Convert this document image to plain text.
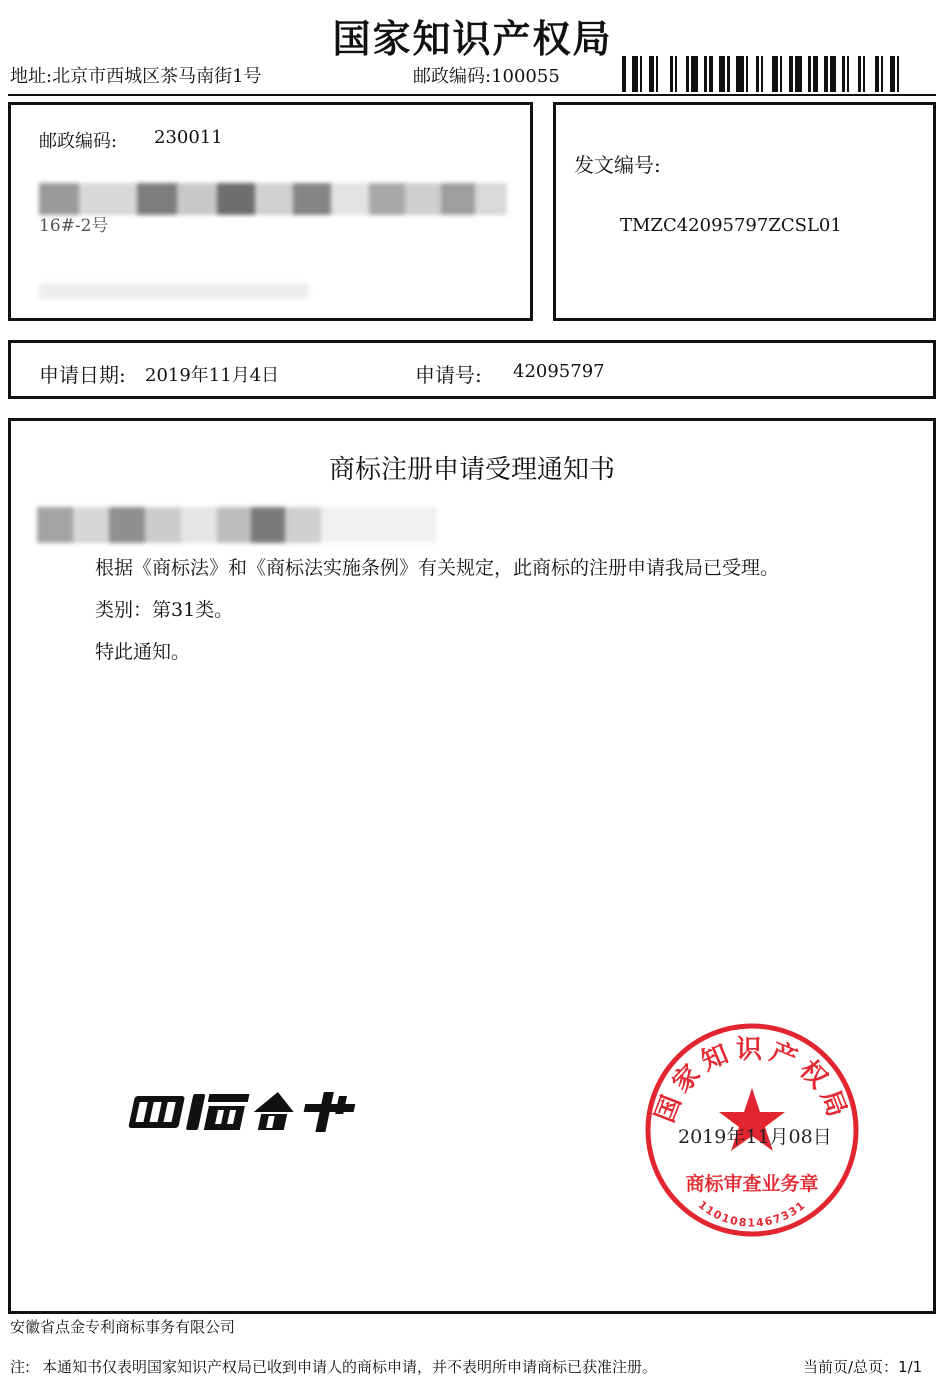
国家知识产权局
地址:北京市西城区茶马南街1号	邮政编码:100055
邮政编码: 230011
16#-2号
发文编号:
TMZC42095797ZCSL01
申请日期: 2019年11月4日	申请号: 42095797
商标注册申请受理通知书
根据《商标法》和《商标法实施条例》有关规定，此商标的注册申请我局已受理。
类别：第31类。
特此通知。
国家知识产权局
商标审查业务章
1101081467331
2019年11月08日
安徽省点金专利商标事务有限公司
注: 本通知书仅表明国家知识产权局已收到申请人的商标申请，并不表明所申请商标已获准注册。	当前页/总页：1/1
